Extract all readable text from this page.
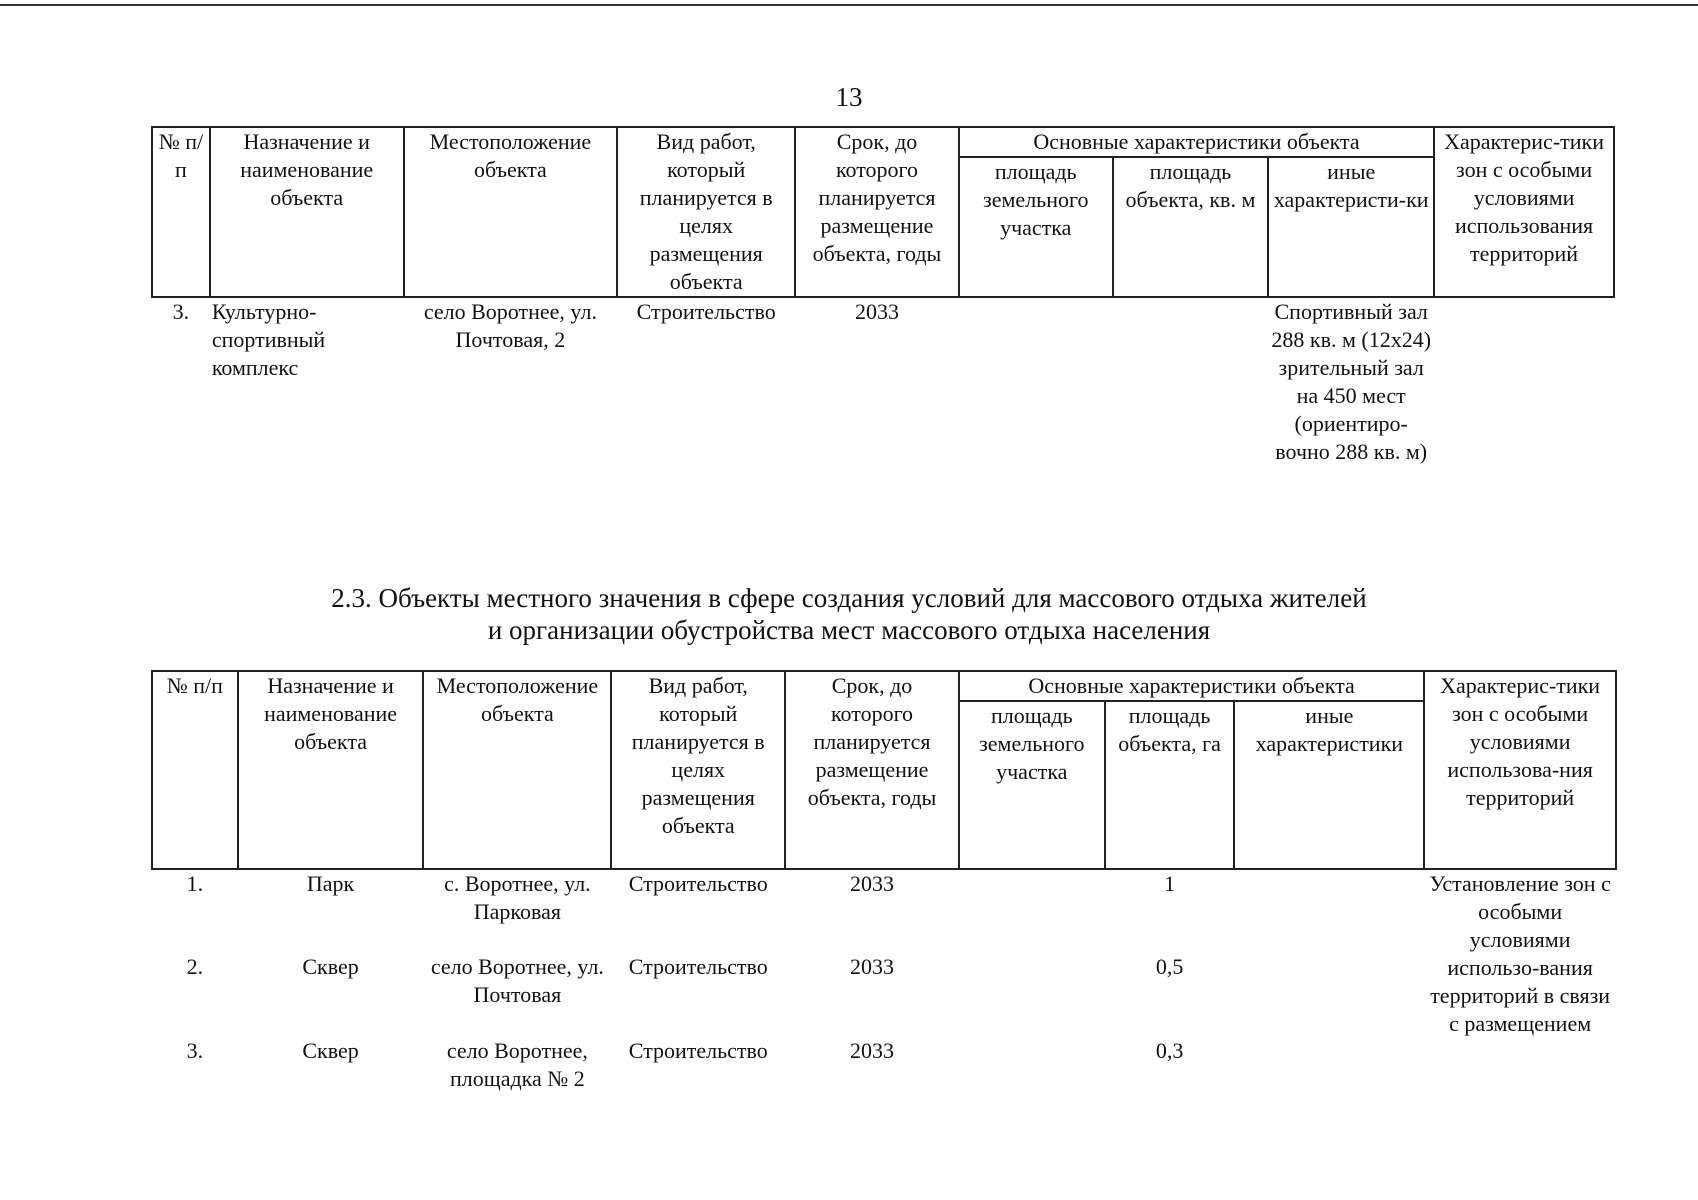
13
№ п/п	Назначение и наименование объекта	Местоположение объекта	Вид работ, который планируется в целях размещения объекта	Срок, до которого планируется размещение объекта, годы	Основные характеристики объекта			Характерис-тики зон с особыми условиями использования территорий
					площадь земельного участка	площадь объекта, кв. м	иные характеристи-ки	
3.	Культурно-спортивный комплекс	село Воротнее, ул. Почтовая, 2	Строительство	2033			Спортивный зал 288 кв. м (12х24) зрительный зал на 450 мест (ориентиро-вочно 288 кв. м)	
2.3. Объекты местного значения в сфере создания условий для массового отдыха жителей
и организации обустройства мест массового отдыха населения
№ п/п	Назначение и наименование объекта	Местоположение объекта	Вид работ, который планируется в целях размещения объекта	Срок, до которого планируется размещение объекта, годы	Основные характеристики объекта			Характерис-тики зон с особыми условиями использова-ния территорий
					площадь земельного участка	площадь объекта, га	иные характеристики	
1.	Парк	с. Воротнее, ул. Парковая	Строительство	2033		1		Установление зон с особыми условиями использо-вания территорий в связи с размещением
2.	Сквер	село Воротнее, ул. Почтовая	Строительство	2033		0,5		
3.	Сквер	село Воротнее, площадка № 2	Строительство	2033		0,3		
